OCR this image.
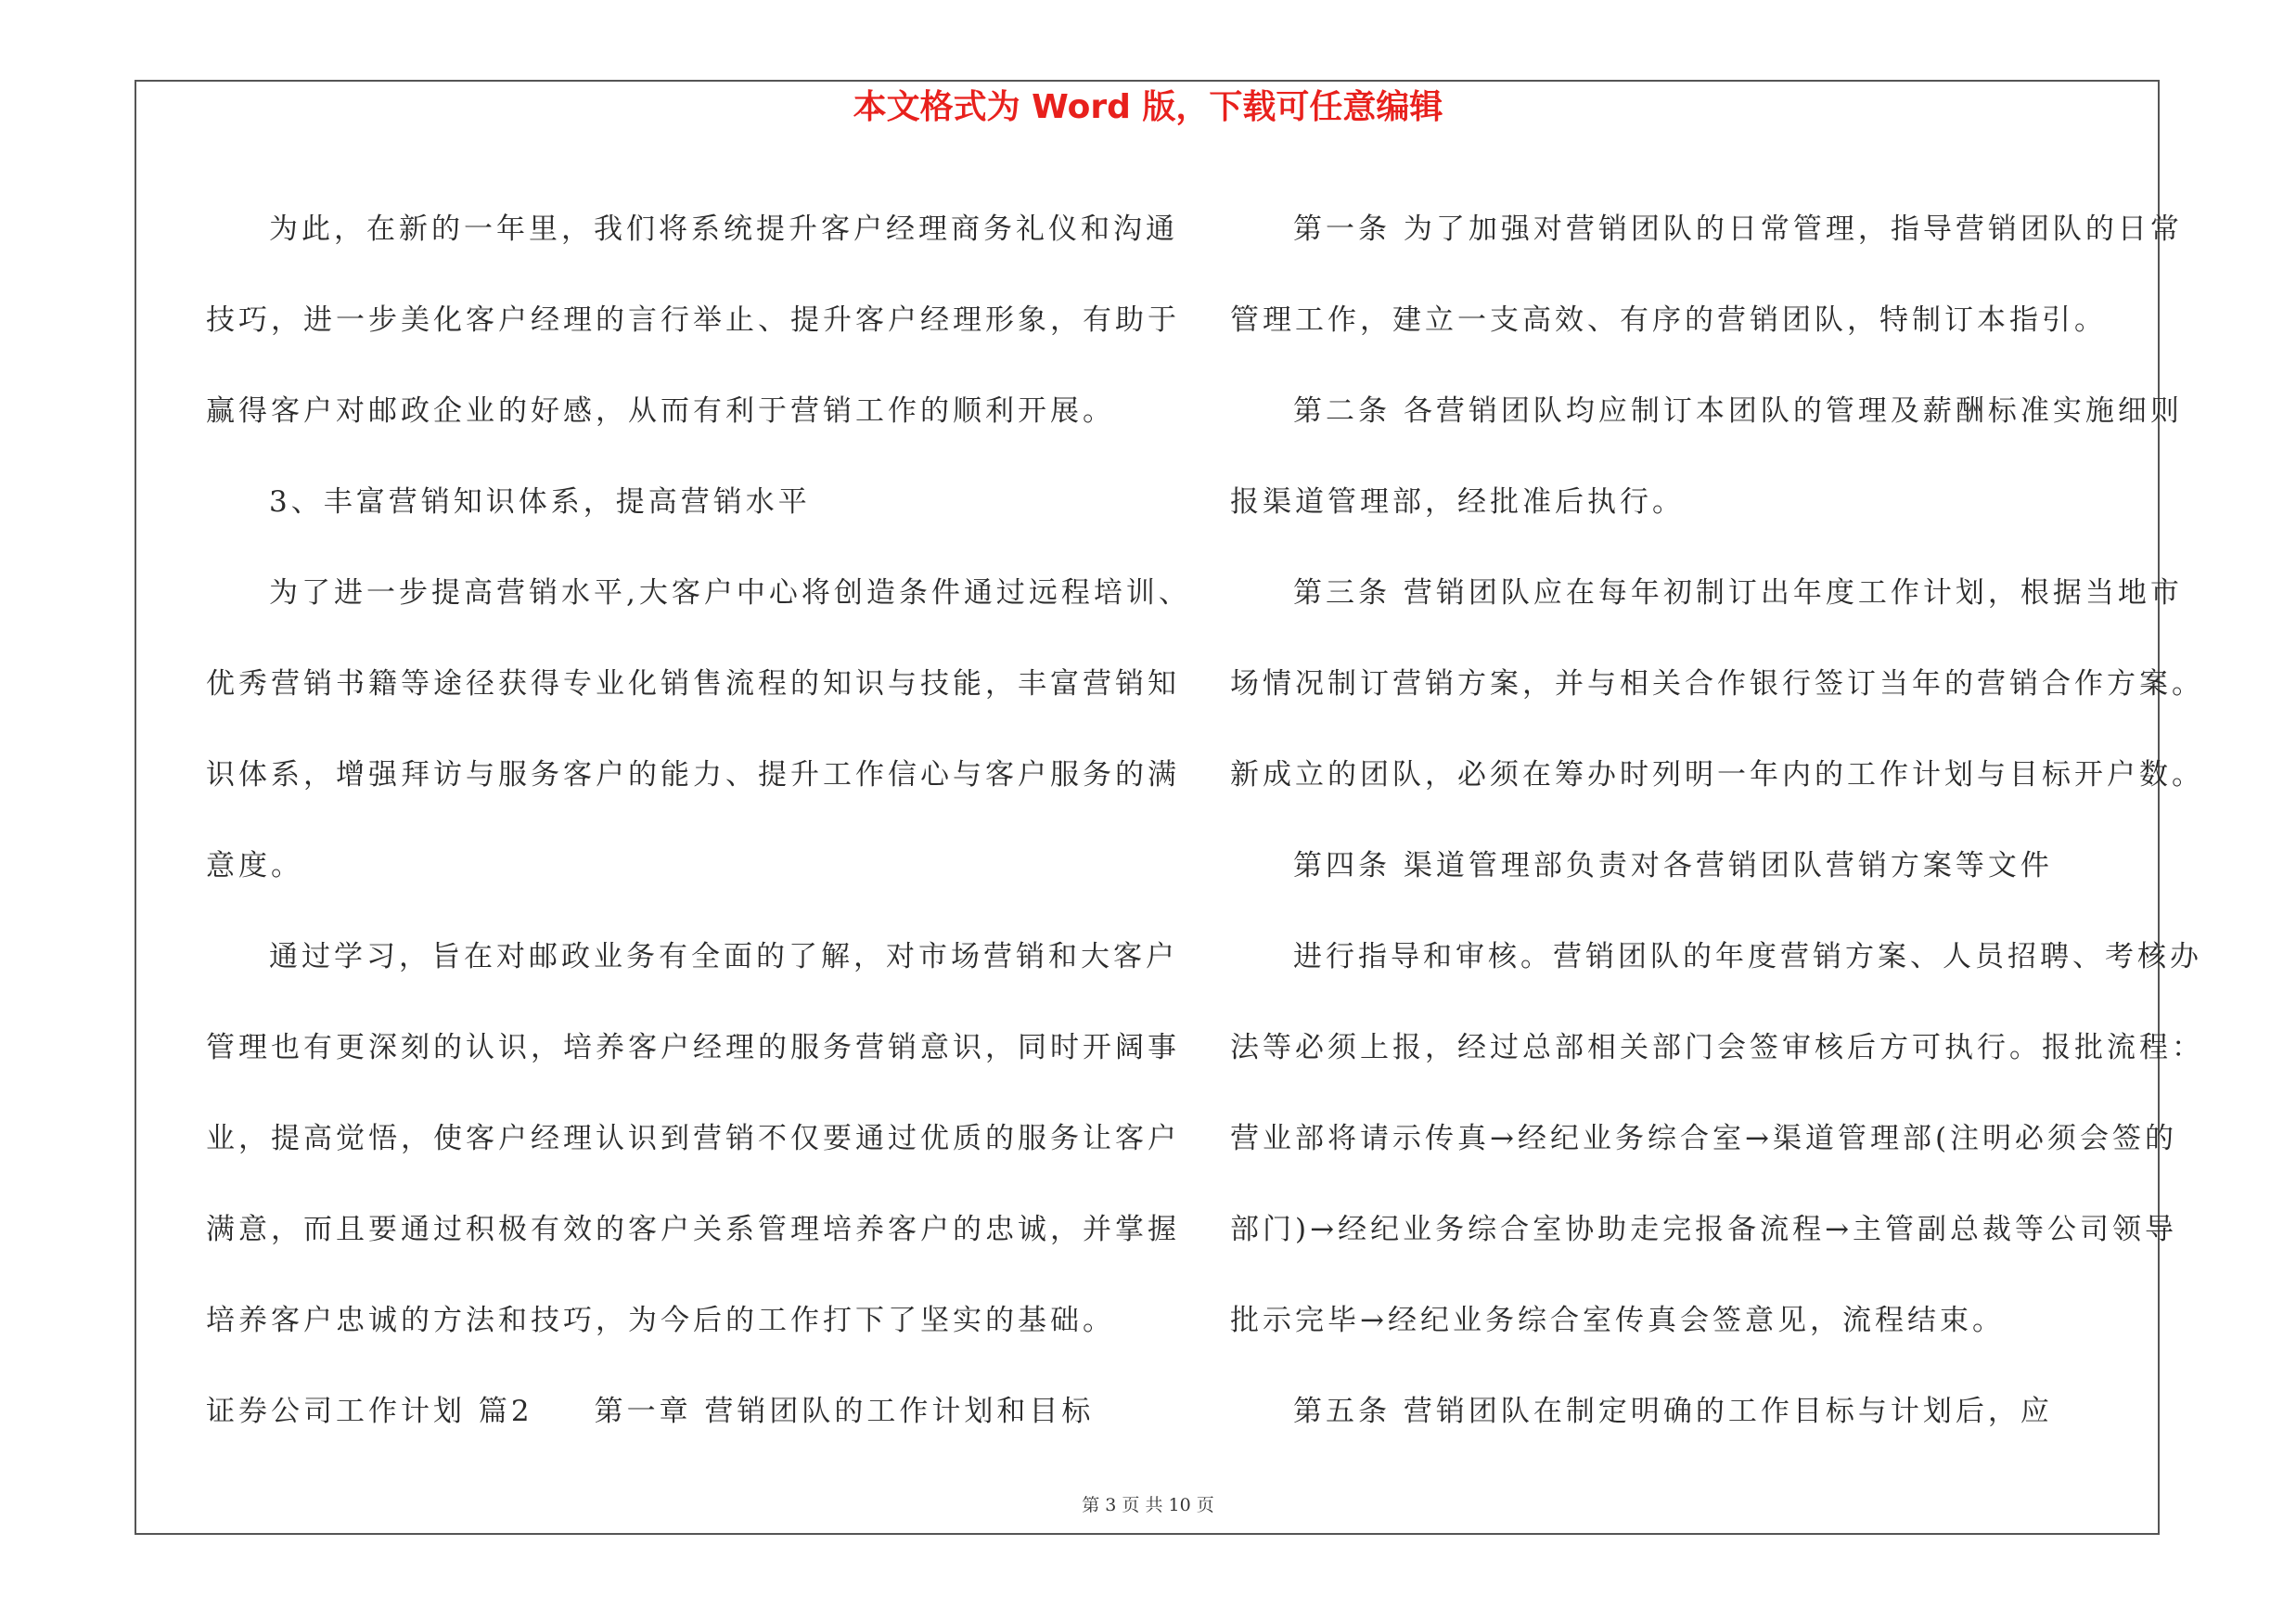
本文格式为 Word 版，下载可任意编辑
为此，在新的一年里，我们将系统提升客户经理商务礼仪和沟通
技巧，进一步美化客户经理的言行举止、提升客户经理形象，有助于
赢得客户对邮政企业的好感，从而有利于营销工作的顺利开展。
3、丰富营销知识体系，提高营销水平
为了进一步提高营销水平,大客户中心将创造条件通过远程培训、
优秀营销书籍等途径获得专业化销售流程的知识与技能，丰富营销知
识体系，增强拜访与服务客户的能力、提升工作信心与客户服务的满
意度。
通过学习，旨在对邮政业务有全面的了解，对市场营销和大客户
管理也有更深刻的认识，培养客户经理的服务营销意识，同时开阔事
业，提高觉悟，使客户经理认识到营销不仅要通过优质的服务让客户
满意，而且要通过积极有效的客户关系管理培养客户的忠诚，并掌握
培养客户忠诚的方法和技巧，为今后的工作打下了坚实的基础。
证券公司工作计划 篇2 第一章 营销团队的工作计划和目标
第一条 为了加强对营销团队的日常管理，指导营销团队的日常
管理工作，建立一支高效、有序的营销团队，特制订本指引。
第二条 各营销团队均应制订本团队的管理及薪酬标准实施细则
报渠道管理部，经批准后执行。
第三条 营销团队应在每年初制订出年度工作计划，根据当地市
场情况制订营销方案，并与相关合作银行签订当年的营销合作方案。
新成立的团队，必须在筹办时列明一年内的工作计划与目标开户数。
第四条 渠道管理部负责对各营销团队营销方案等文件
进行指导和审核。营销团队的年度营销方案、人员招聘、考核办
法等必须上报，经过总部相关部门会签审核后方可执行。报批流程：
营业部将请示传真→经纪业务综合室→渠道管理部(注明必须会签的
部门)→经纪业务综合室协助走完报备流程→主管副总裁等公司领导
批示完毕→经纪业务综合室传真会签意见，流程结束。
第五条 营销团队在制定明确的工作目标与计划后，应
第 3 页 共 10 页
